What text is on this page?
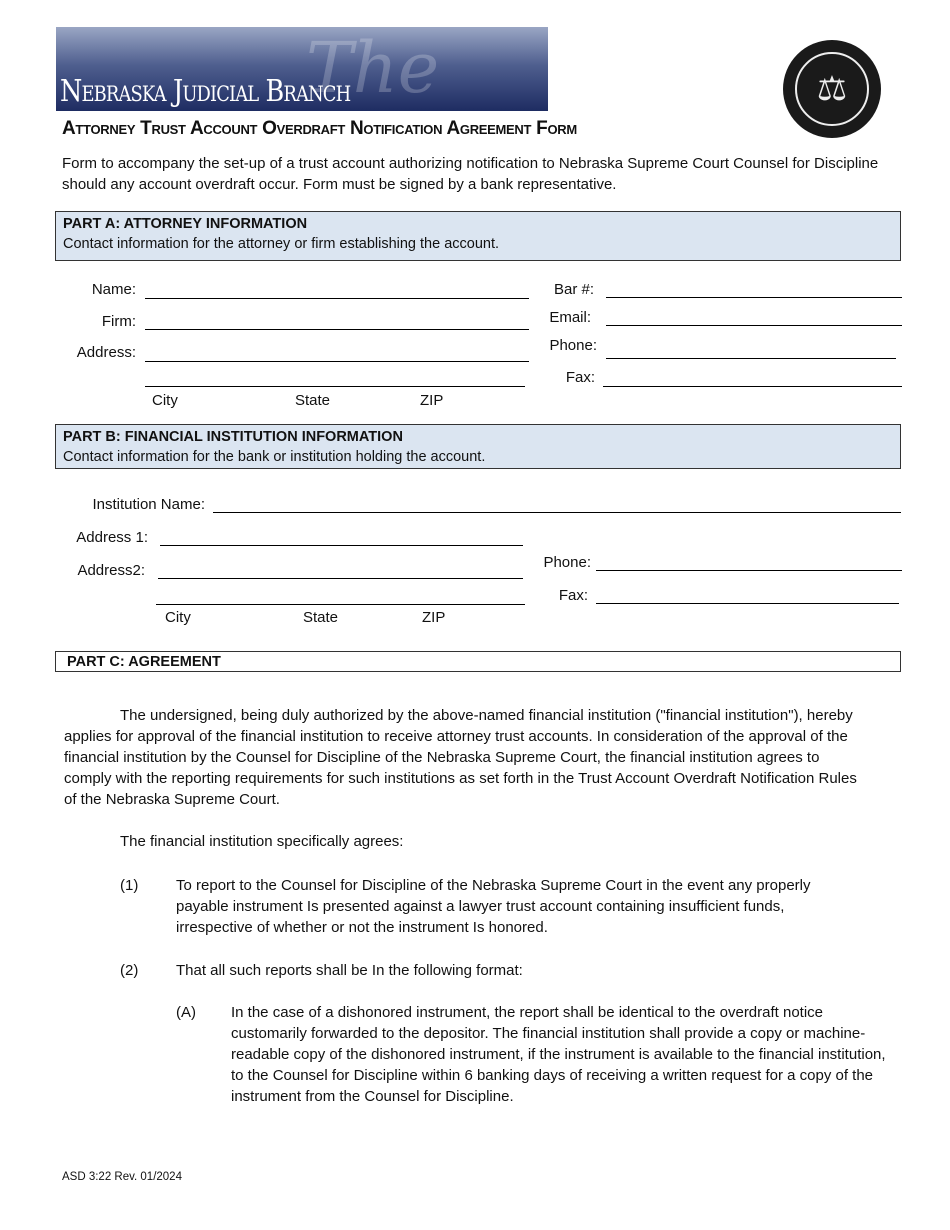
The
Nebraska Judicial Branch	⚖
Attorney Trust Account Overdraft Notification Agreement Form
Form to accompany the set-up of a trust account authorizing notification to Nebraska Supreme Court Counsel for Discipline should any account overdraft occur. Form must be signed by a bank representative.
PART A: ATTORNEY INFORMATION
Contact information for the attorney or firm establishing the account.
Name:
Firm:
Address:
City	State	ZIP
Bar #:
Email:
Phone:
Fax:
PART B: FINANCIAL INSTITUTION INFORMATION
Contact information for the bank or institution holding the account.
Institution Name:
Address 1:
Address2:
City	State	ZIP
Phone:
Fax:
PART C: AGREEMENT
The undersigned, being duly authorized by the above-named financial institution ("financial institution"), hereby applies for approval of the financial institution to receive attorney trust accounts. In consideration of the approval of the financial institution by the Counsel for Discipline of the Nebraska Supreme Court, the financial institution agrees to comply with the reporting requirements for such institutions as set forth in the Trust Account Overdraft Notification Rules of the Nebraska Supreme Court.
The financial institution specifically agrees:
(1)	To report to the Counsel for Discipline of the Nebraska Supreme Court in the event any properly payable instrument Is presented against a lawyer trust account containing insufficient funds, irrespective of whether or not the instrument Is honored.
(2)	That all such reports shall be In the following format:
(A) In the case of a dishonored instrument, the report shall be identical to the overdraft notice customarily forwarded to the depositor. The financial institution shall provide a copy or machine-readable copy of the dishonored instrument, if the instrument is available to the financial institution, to the Counsel for Discipline within 6 banking days of receiving a written request for a copy of the instrument from the Counsel for Discipline.
ASD 3:22 Rev. 01/2024
